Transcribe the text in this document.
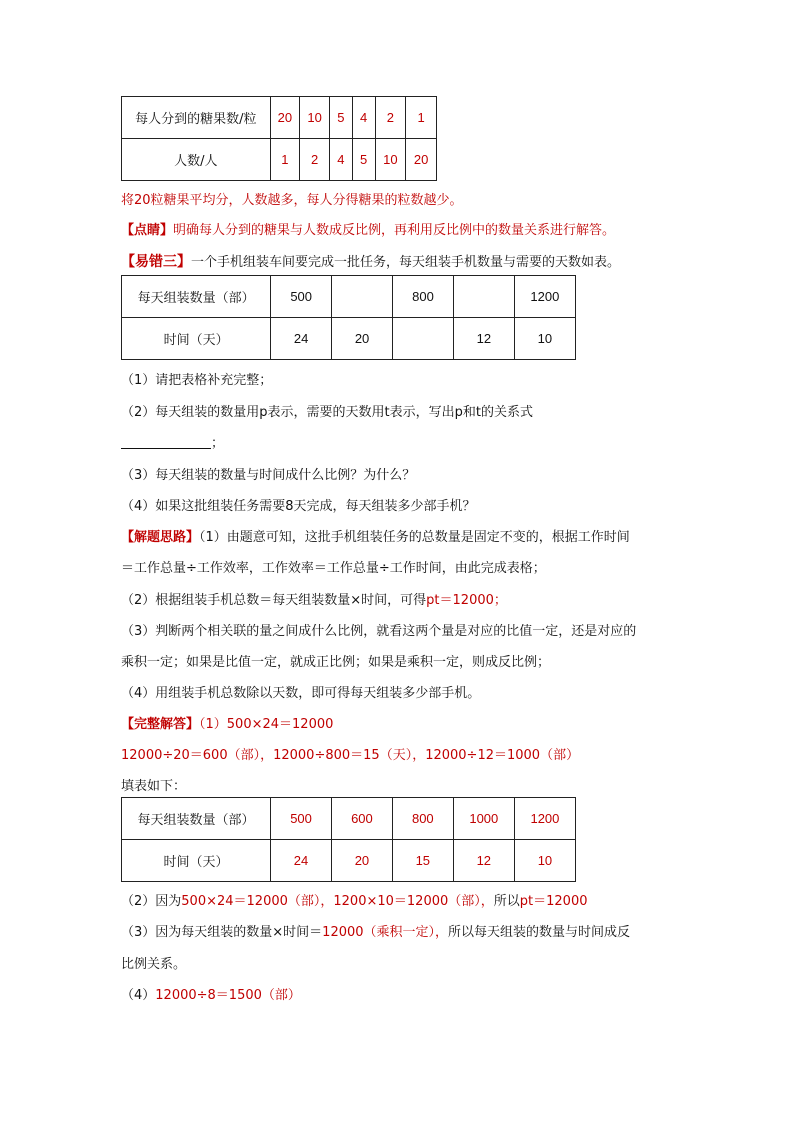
每人分到的糖果数/粒	20	10	5	4	2	1
人数/人	1	2	4	5	10	20
将20粒糖果平均分，人数越多，每人分得糖果的粒数越少。
【点睛】明确每人分到的糖果与人数成反比例，再利用反比例中的数量关系进行解答。
【易错三】一个手机组装车间要完成一批任务，每天组装手机数量与需要的天数如表。
每天组装数量（部）	500		800		1200
时间（天）	24	20		12	10
（1）请把表格补充完整；
（2）每天组装的数量用p表示，需要的天数用t表示，写出p和t的关系式
；
（3）每天组装的数量与时间成什么比例？为什么？
（4）如果这批组装任务需要8天完成，每天组装多少部手机？
【解题思路】（1）由题意可知，这批手机组装任务的总数量是固定不变的，根据工作时间
＝工作总量÷工作效率，工作效率＝工作总量÷工作时间，由此完成表格；
（2）根据组装手机总数＝每天组装数量×时间，可得pt＝12000；
（3）判断两个相关联的量之间成什么比例，就看这两个量是对应的比值一定，还是对应的
乘积一定；如果是比值一定，就成正比例；如果是乘积一定，则成反比例；
（4）用组装手机总数除以天数，即可得每天组装多少部手机。
【完整解答】（1）500×24＝12000
12000÷20＝600（部），12000÷800＝15（天），12000÷12＝1000（部）
填表如下：
每天组装数量（部）	500	600	800	1000	1200
时间（天）	24	20	15	12	10
（2）因为500×24＝12000（部），1200×10＝12000（部），所以pt＝12000
（3）因为每天组装的数量×时间＝12000（乘积一定），所以每天组装的数量与时间成反
比例关系。
（4）12000÷8＝1500（部）
